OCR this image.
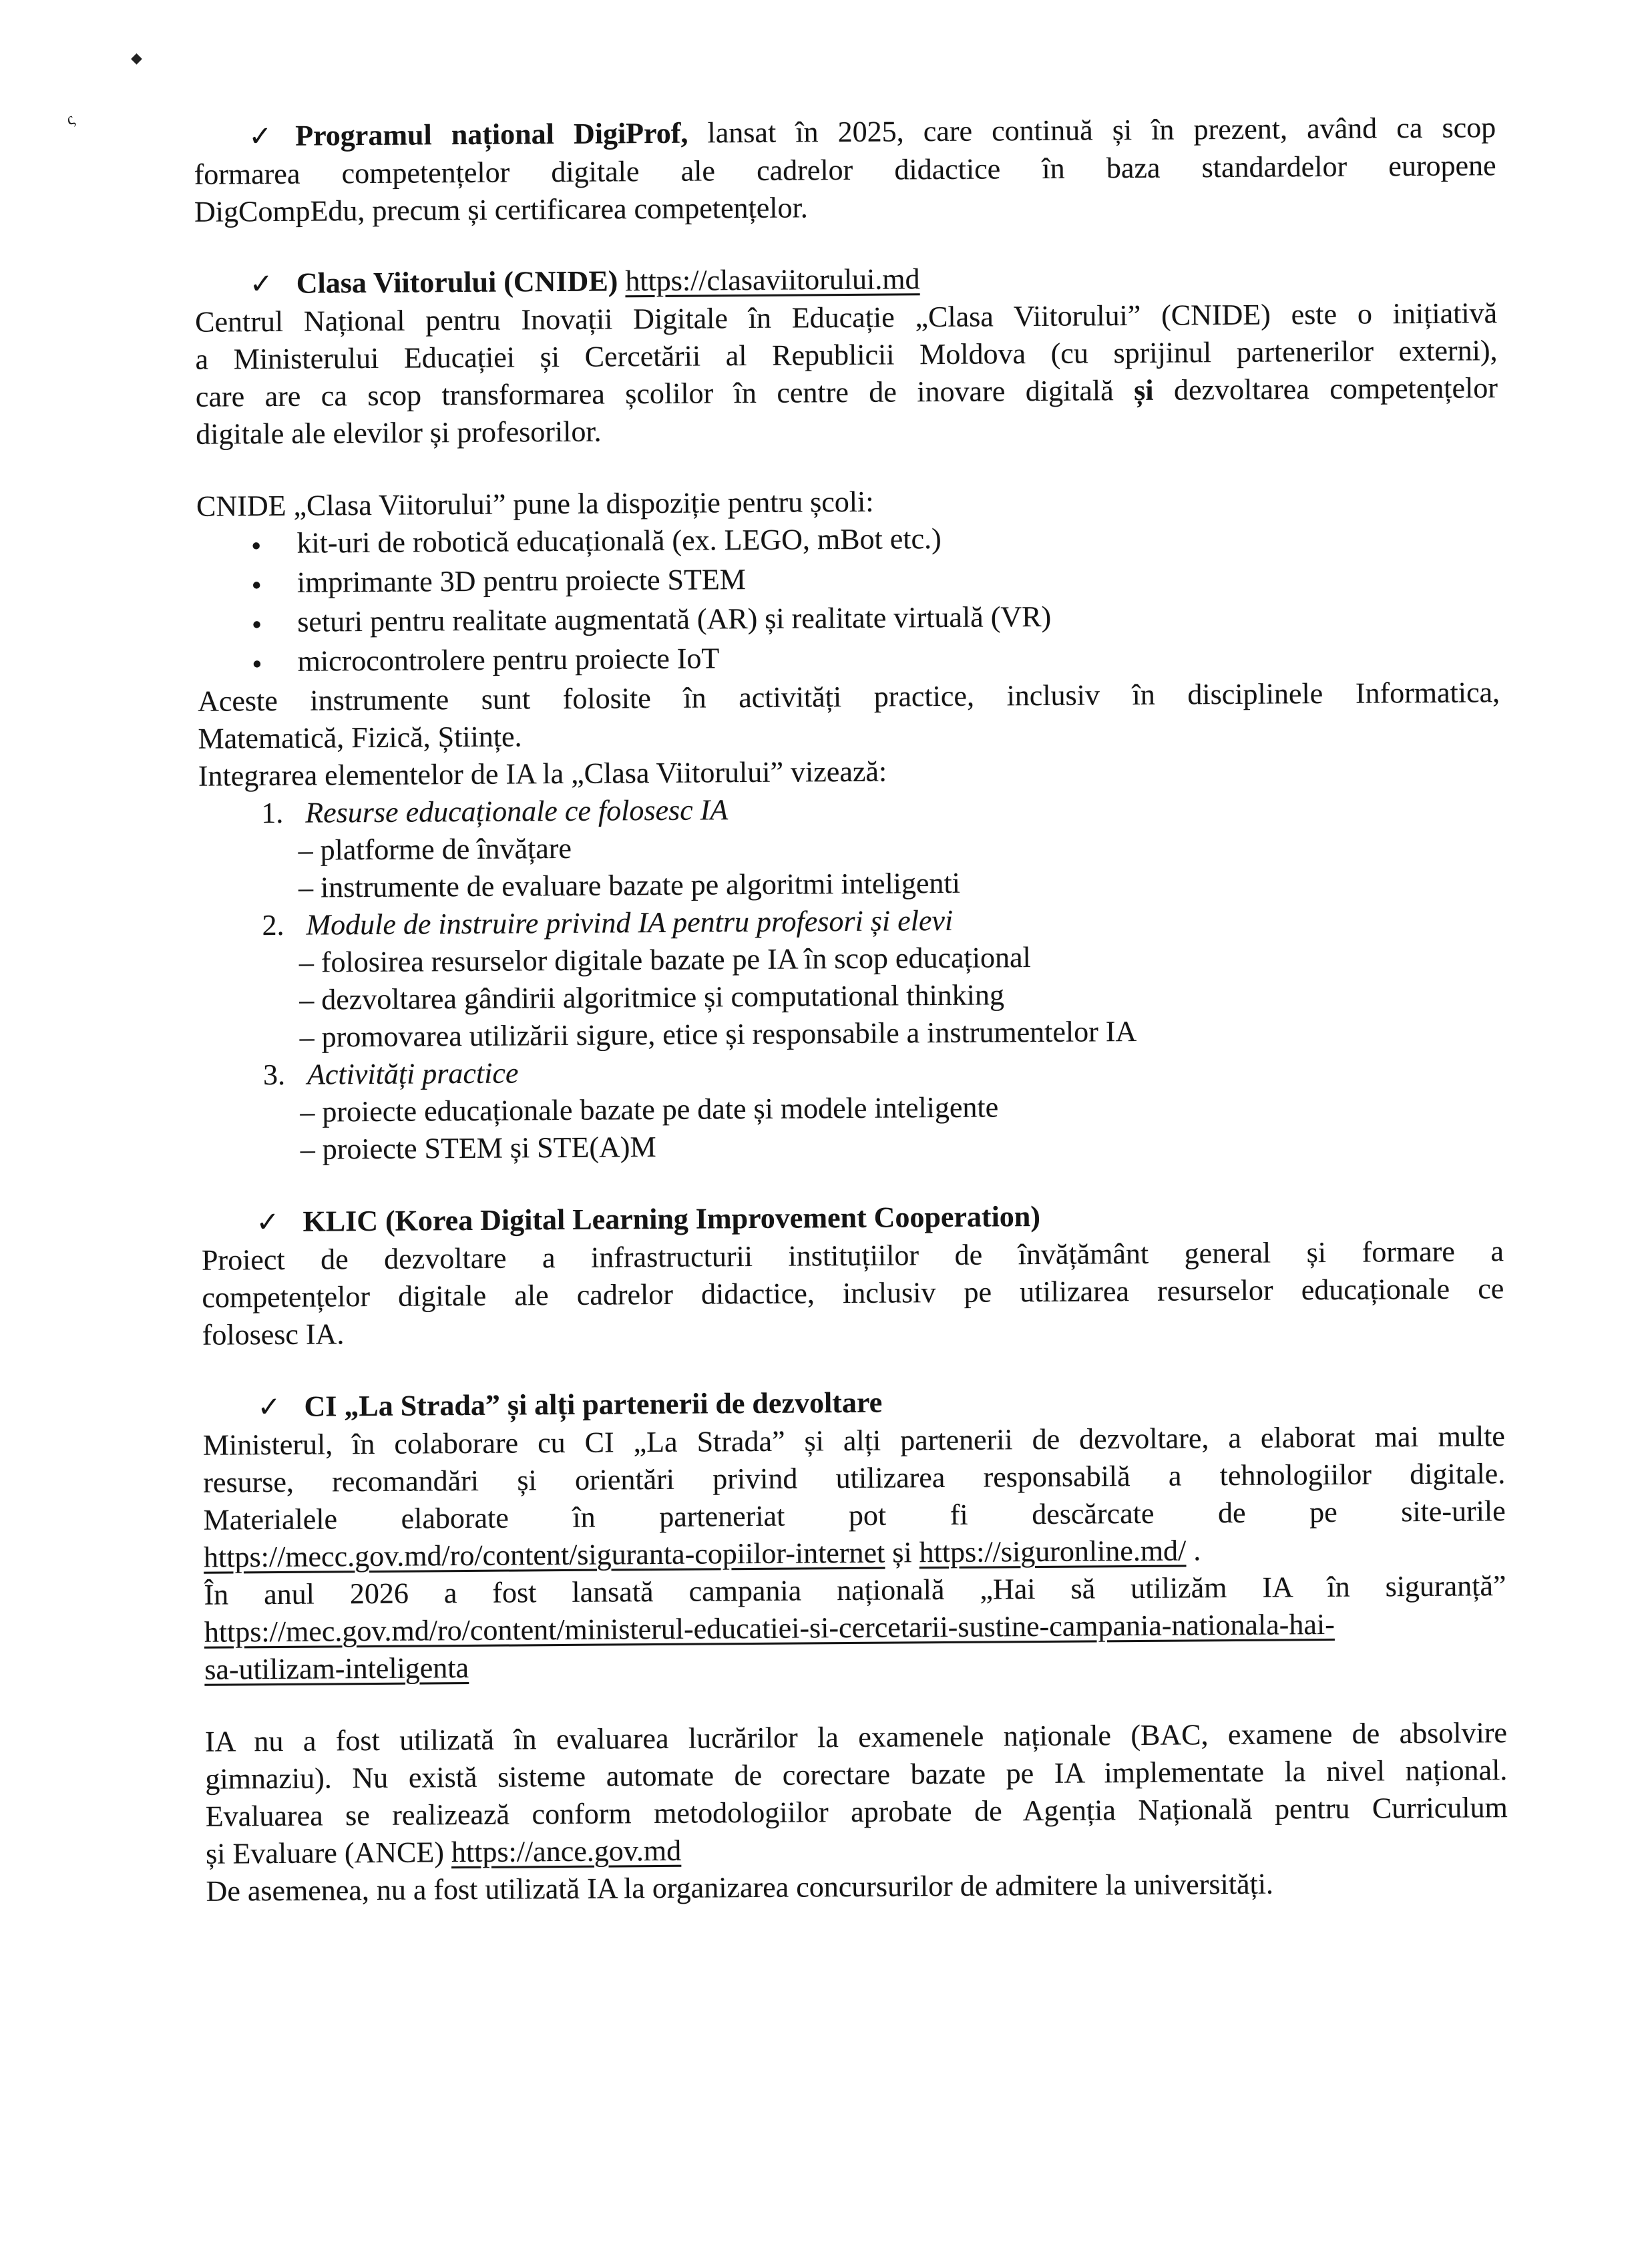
✓ Programul național DigiProf, lansat în 2025, care continuă și în prezent, având ca scop
formarea competențelor digitale ale cadrelor didactice în baza standardelor europene
DigCompEdu, precum și certificarea competențelor.
✓ Clasa Viitorului (CNIDE) https://clasaviitorului.md
Centrul Național pentru Inovații Digitale în Educație „Clasa Viitorului” (CNIDE) este o inițiativă
a Ministerului Educației și Cercetării al Republicii Moldova (cu sprijinul partenerilor externi),
care are ca scop transformarea școlilor în centre de inovare digitală și dezvoltarea competențelor
digitale ale elevilor și profesorilor.
CNIDE „Clasa Viitorului” pune la dispoziție pentru școli:
● kit-uri de robotică educațională (ex. LEGO, mBot etc.)
● imprimante 3D pentru proiecte STEM
● seturi pentru realitate augmentată (AR) și realitate virtuală (VR)
● microcontrolere pentru proiecte IoT
Aceste instrumente sunt folosite în activități practice, inclusiv în disciplinele Informatica,
Matematică, Fizică, Științe.
Integrarea elementelor de IA la „Clasa Viitorului” vizează:
1. Resurse educaționale ce folosesc IA
– platforme de învățare
– instrumente de evaluare bazate pe algoritmi inteligenti
2. Module de instruire privind IA pentru profesori și elevi
– folosirea resurselor digitale bazate pe IA în scop educațional
– dezvoltarea gândirii algoritmice și computational thinking
– promovarea utilizării sigure, etice și responsabile a instrumentelor IA
3. Activități practice
– proiecte educaționale bazate pe date și modele inteligente
– proiecte STEM și STE(A)M
✓ KLIC (Korea Digital Learning Improvement Cooperation)
Proiect de dezvoltare a infrastructurii instituțiilor de învățământ general și formare a
competențelor digitale ale cadrelor didactice, inclusiv pe utilizarea resurselor educaționale ce
folosesc IA.
✓ CI „La Strada” și alți partenerii de dezvoltare
Ministerul, în colaborare cu CI „La Strada” și alți partenerii de dezvoltare, a elaborat mai multe
resurse, recomandări și orientări privind utilizarea responsabilă a tehnologiilor digitale.
Materialele elaborate în parteneriat pot fi descărcate de pe site-urile
https://mecc.gov.md/ro/content/siguranta-copiilor-internet și https://siguronline.md/ .
În anul 2026 a fost lansată campania națională „Hai să utilizăm IA în siguranță”
https://mec.gov.md/ro/content/ministerul-educatiei-si-cercetarii-sustine-campania-nationala-hai-
sa-utilizam-inteligenta
IA nu a fost utilizată în evaluarea lucrărilor la examenele naționale (BAC, examene de absolvire
gimnaziu). Nu există sisteme automate de corectare bazate pe IA implementate la nivel național.
Evaluarea se realizează conform metodologiilor aprobate de Agenția Națională pentru Curriculum
și Evaluare (ANCE) https://ance.gov.md
De asemenea, nu a fost utilizată IA la organizarea concursurilor de admitere la universități.
◆
ς
